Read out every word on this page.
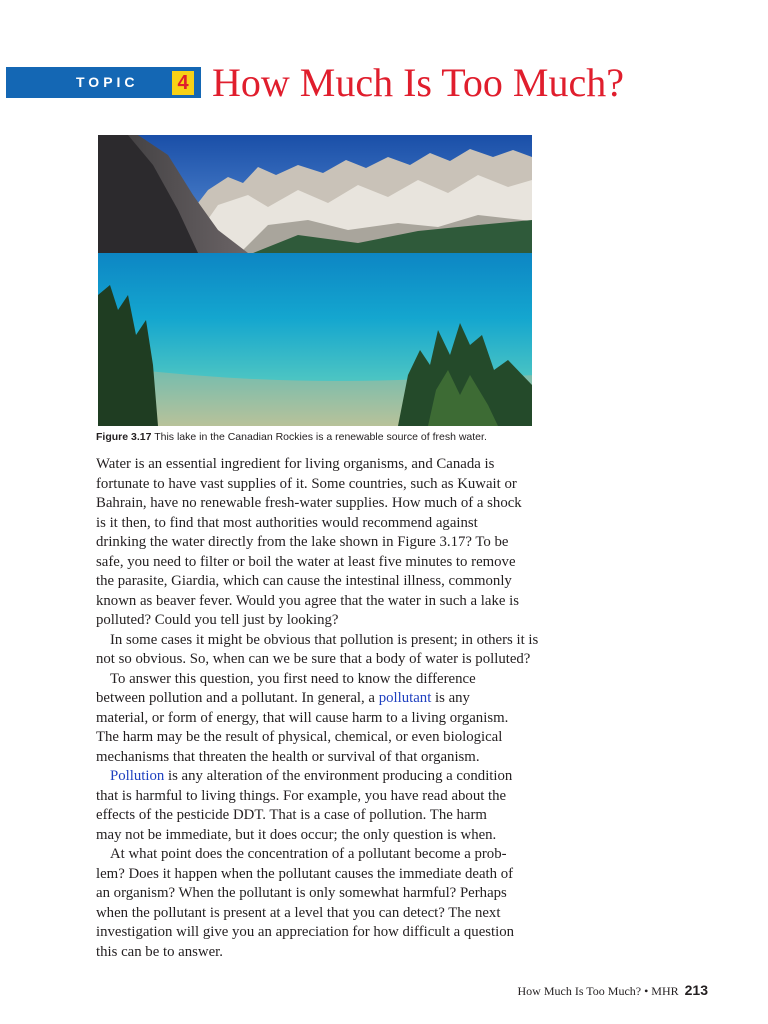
TOPIC 4 How Much Is Too Much?
Figure 3.17 This lake in the Canadian Rockies is a renewable source of fresh water.
Water is an essential ingredient for living organisms, and Canada is
fortunate to have vast supplies of it. Some countries, such as Kuwait or
Bahrain, have no renewable fresh-water supplies. How much of a shock
is it then, to find that most authorities would recommend against
drinking the water directly from the lake shown in Figure 3.17? To be
safe, you need to filter or boil the water at least five minutes to remove
the parasite, Giardia, which can cause the intestinal illness, commonly
known as beaver fever. Would you agree that the water in such a lake is
polluted? Could you tell just by looking?
In some cases it might be obvious that pollution is present; in others it is
not so obvious. So, when can we be sure that a body of water is polluted?
To answer this question, you first need to know the difference
between pollution and a pollutant. In general, a pollutant is any
material, or form of energy, that will cause harm to a living organism.
The harm may be the result of physical, chemical, or even biological
mechanisms that threaten the health or survival of that organism.
Pollution is any alteration of the environment producing a condition
that is harmful to living things. For example, you have read about the
effects of the pesticide DDT. That is a case of pollution. The harm
may not be immediate, but it does occur; the only question is when.
At what point does the concentration of a pollutant become a prob-
lem? Does it happen when the pollutant causes the immediate death of
an organism? When the pollutant is only somewhat harmful? Perhaps
when the pollutant is present at a level that you can detect? The next
investigation will give you an appreciation for how difficult a question
this can be to answer.
How Much Is Too Much? • MHR 213
